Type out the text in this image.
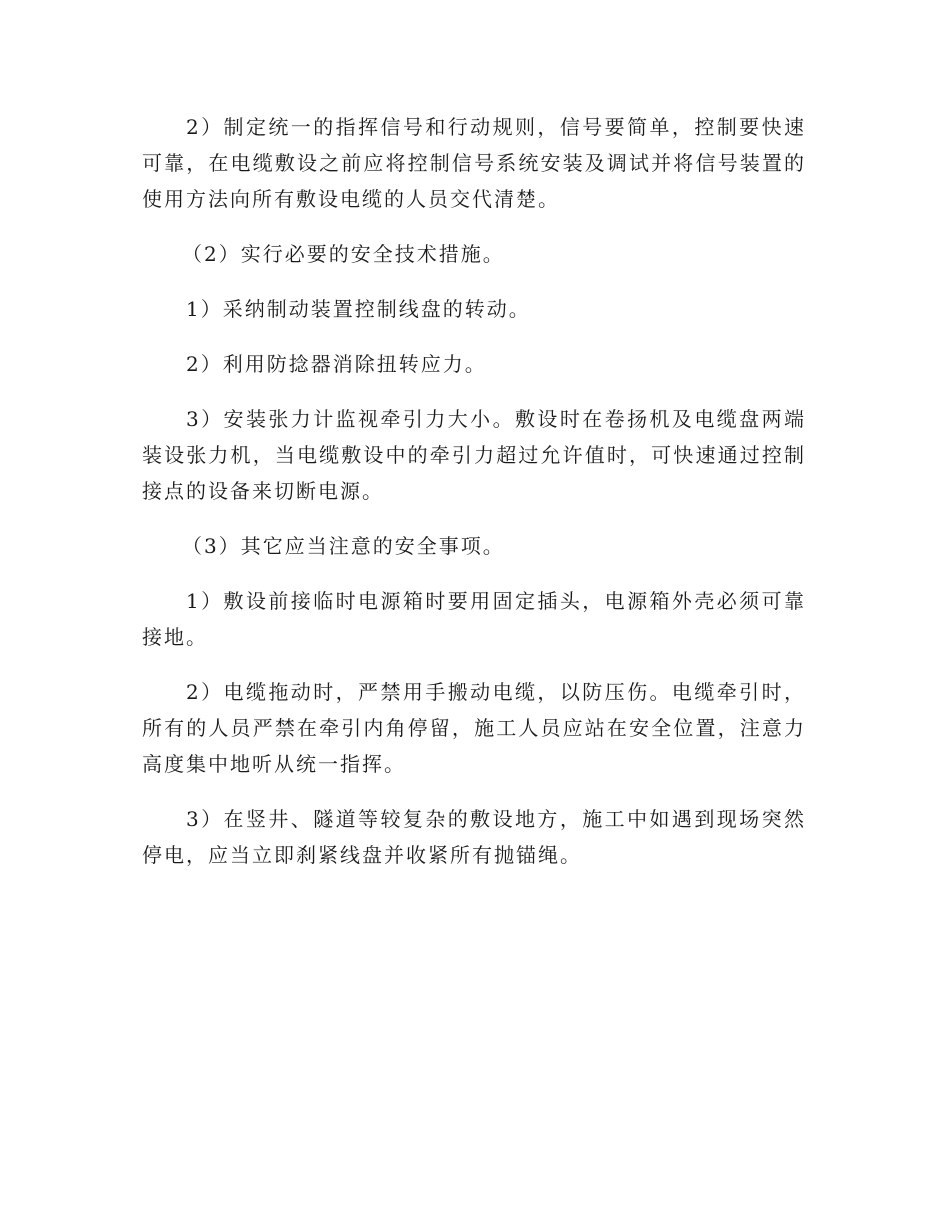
2）制定统一的指挥信号和行动规则，信号要简单，控制要快速可靠，在电缆敷设之前应将控制信号系统安装及调试并将信号装置的使用方法向所有敷设电缆的人员交代清楚。

（2）实行必要的安全技术措施。

1）采纳制动装置控制线盘的转动。

2）利用防捻器消除扭转应力。

3）安装张力计监视牵引力大小。敷设时在卷扬机及电缆盘两端装设张力机，当电缆敷设中的牵引力超过允许值时，可快速通过控制接点的设备来切断电源。

（3）其它应当注意的安全事项。

1）敷设前接临时电源箱时要用固定插头，电源箱外壳必须可靠接地。

2）电缆拖动时，严禁用手搬动电缆，以防压伤。电缆牵引时，所有的人员严禁在牵引内角停留，施工人员应站在安全位置，注意力高度集中地听从统一指挥。

3）在竖井、隧道等较复杂的敷设地方，施工中如遇到现场突然停电，应当立即刹紧线盘并收紧所有抛锚绳。
